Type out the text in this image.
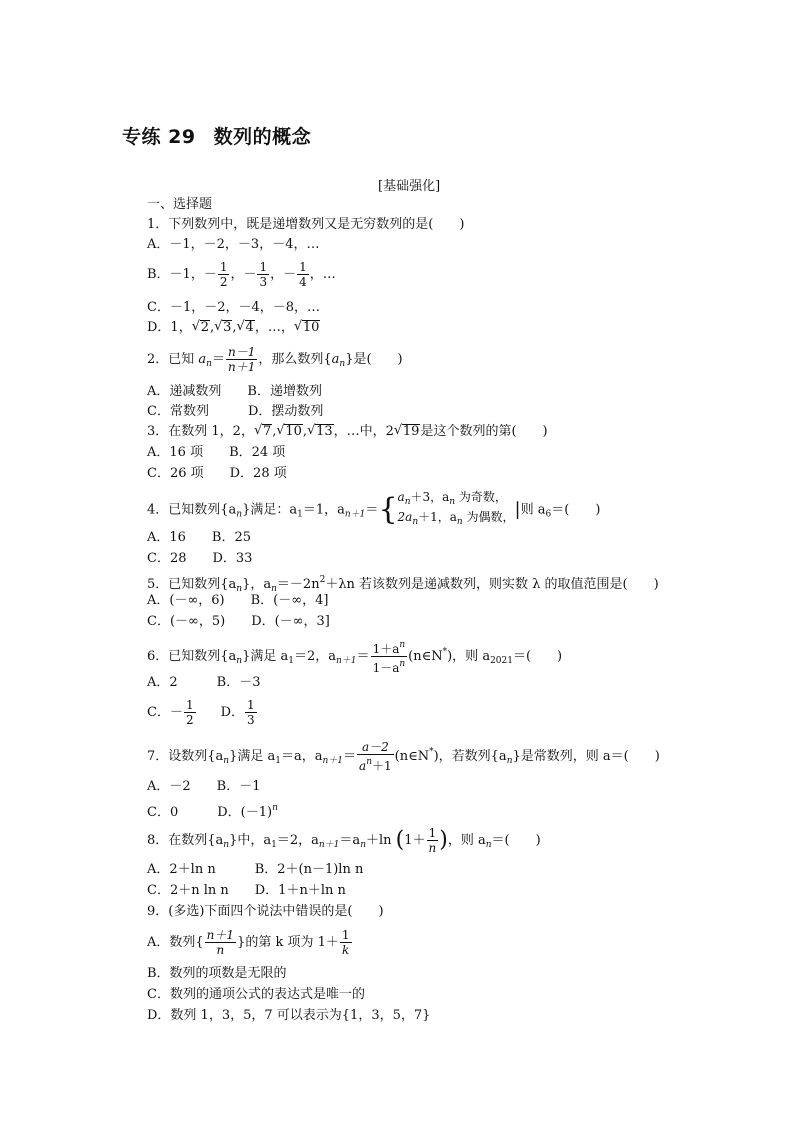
专练 29 数列的概念
[基础强化]
一、选择题
1．下列数列中，既是递增数列又是无穷数列的是(　　)
A．－1，－2，－3，－4，…
B．－1，－ $\frac{1}{2}$ ，－ $\frac{1}{3}$ ，－ $\frac{1}{4}$ ，…
C．－1，－2，－4，－8，…
D．1， √ 2, √ 3, √ 4，…， √ 10
2．已知 $a_n= \frac{n-1}{n+1}$ ，那么数列$\{a_n\}$是(　　)
A．递减数列　　B．递增数列
C．常数列　　　D．摆动数列
3．在数列 1，2， √ 7, √ 10, √ 13，…中，2 √ 19是这个数列的第(　　)
A．16 项　　B．24 项
C．26 项　　D．28 项
4．已知数列$\{a_n\}$满足：$a_1=1$，$a_{n+1}=\{a_n+3$，$a_n$ 为奇数，
$2a_n+1$，$a_n$ 为偶数，|则 $a_6=$(　　)
A．16　　B．25
C．28　　D．33
5．已知数列$\{a_n\}$，$a_n=-2n^2+\lambda n$ 若该数列是递减数列，则实数 λ 的取值范围是(　　)
A．(－∞，6)　　B．(－∞，4]
C．(－∞，5)　　D．(－∞，3]
6．已知数列$\{a_n\}$满足 $a_1=2$，$a_{n+1}= \frac{1+a^n}{1-a^n}$ (n∈N*)，则 $a_{2021}=$(　　)
A．2　　　B．－3
C．－ $\frac{1}{2}$ D． $\frac{1}{3}$
7．设数列$\{a_n\}$满足 $a_1=a$，$a_{n+1}= \frac{a-2}{a^n+1}$ (n∈N*)，若数列$\{a_n\}$是常数列，则 a＝(　　)
A．－2　　B．－1
C．0　　　D．$(-1)^n$
8．在数列$\{a_n\}$中，$a_1=2$，$a_{n+1}=a_n+\ln$ ($1+ \frac{1}{n}$ )，则 $a_n=$(　　)
A．2＋ln n　　　B．2＋(n－1)ln n
C．2＋n ln n　　D．1＋n＋ln n
9．(多选)下面四个说法中错误的是(　　)
A．数列{ $\frac{n+1}{n}$ }的第 k 项为 $1+ \frac{1}{k}$
B．数列的项数是无限的
C．数列的通项公式的表达式是唯一的
D．数列 1，3，5，7 可以表示为{1，3，5，7}
